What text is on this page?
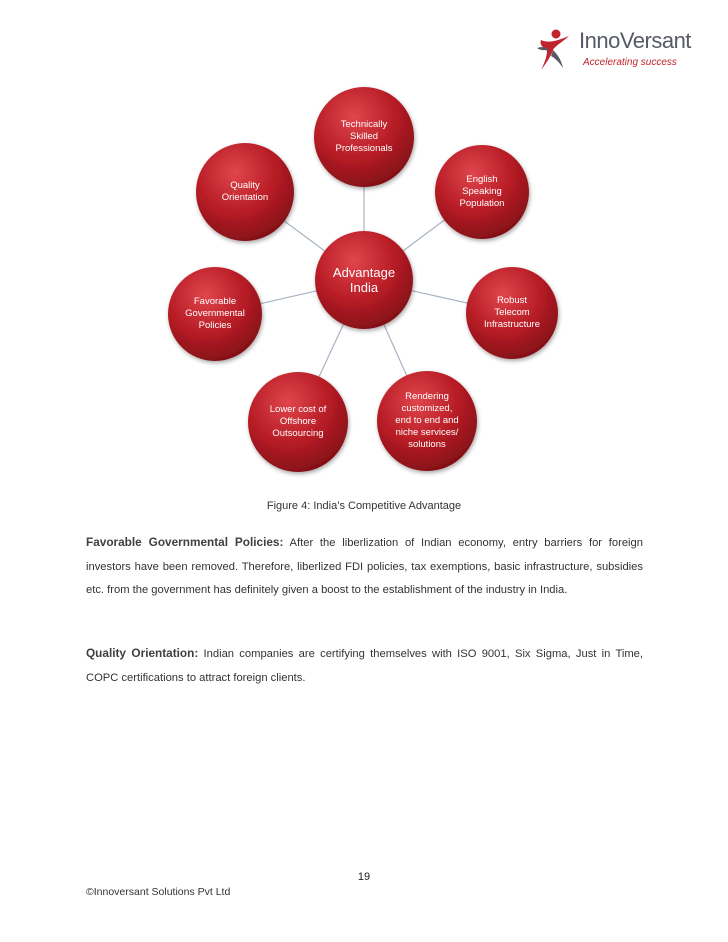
InnoVersant
Accelerating success
Advantage
India
Technically
Skilled
Professionals
English
Speaking
Population
Robust
Telecom
Infrastructure
Rendering
customized,
end to end and
niche services/
solutions
Lower cost of
Offshore
Outsourcing
Favorable
Governmental
Policies
Quality
Orientation
Figure 4: India’s Competitive Advantage

Favorable Governmental Policies: After the liberlization of Indian economy, entry barriers for foreign investors have been removed. Therefore, liberlized FDI policies, tax exemptions, basic infrastructure, subsidies etc. from the government has definitely given a boost to the establishment of the industry in India.

Quality Orientation: Indian companies are certifying themselves with ISO 9001, Six Sigma, Just in Time, COPC certifications to attract foreign clients.

19
©Innoversant Solutions Pvt Ltd
